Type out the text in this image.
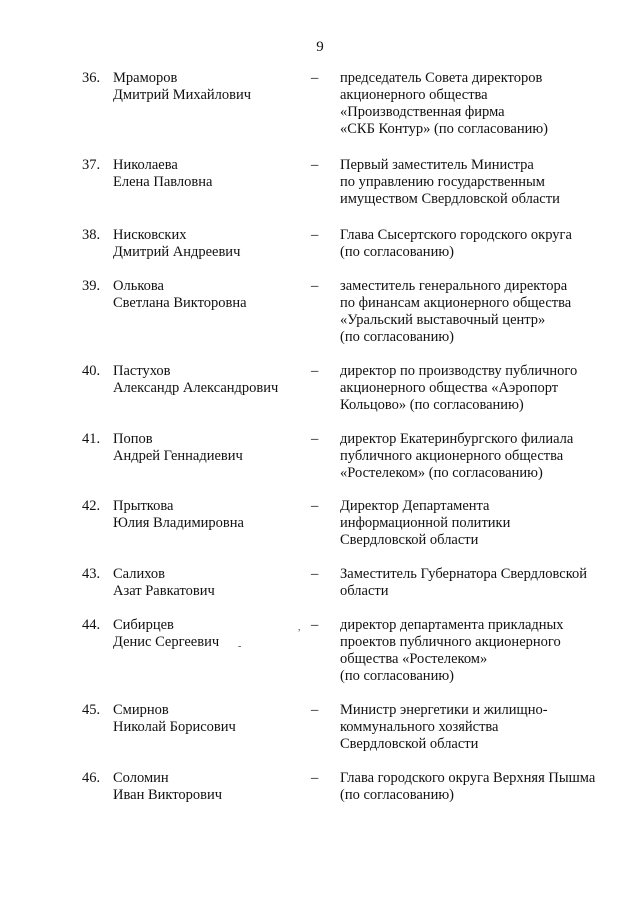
9
36. Мраморов
Дмитрий Михайлович
– председатель Совета директоров
акционерного общества
«Производственная фирма
«СКБ Контур» (по согласованию)
37. Николаева
Елена Павловна
– Первый заместитель Министра
по управлению государственным
имуществом Свердловской области
38. Нисковских
Дмитрий Андреевич
– Глава Сысертского городского округа
(по согласованию)
39. Олькова
Светлана Викторовна
– заместитель генерального директора
по финансам акционерного общества
«Уральский выставочный центр»
(по согласованию)
40. Пастухов
Александр Александрович
– директор по производству публичного
акционерного общества «Аэропорт
Кольцово» (по согласованию)
41. Попов
Андрей Геннадиевич
– директор Екатеринбургского филиала
публичного акционерного общества
«Ростелеком» (по согласованию)
42. Прыткова
Юлия Владимировна
– Директор Департамента
информационной политики
Свердловской области
43. Салихов
Азат Равкатович
– Заместитель Губернатора Свердловской
области
44. Сибирцев
Денис Сергеевич
– директор департамента прикладных
проектов публичного акционерного
общества «Ростелеком»
(по согласованию)
45. Смирнов
Николай Борисович
– Министр энергетики и жилищно-
коммунального хозяйства
Свердловской области
46. Соломин
Иван Викторович
– Глава городского округа Верхняя Пышма
(по согласованию)
,
-
